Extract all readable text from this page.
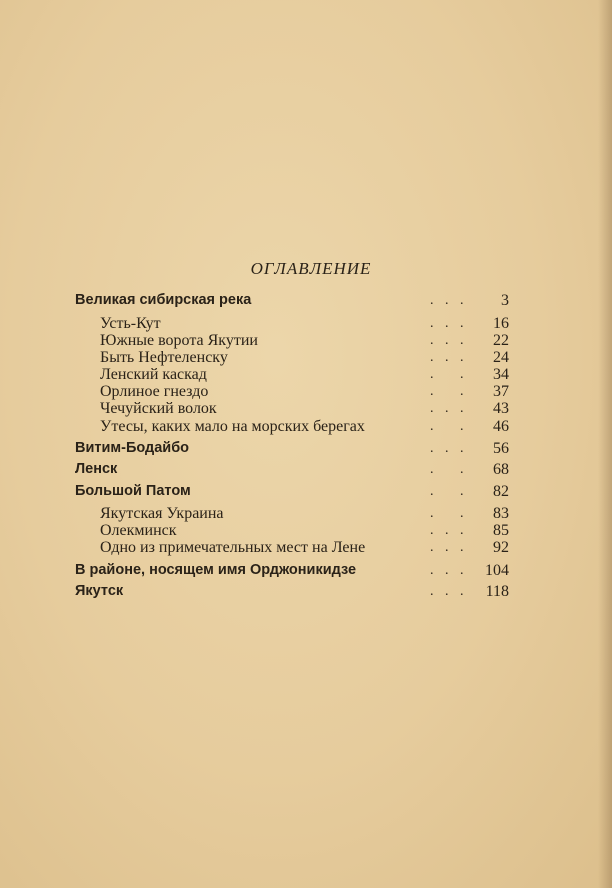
ОГЛАВЛЕНИЕ
Великая сибирская река	. . .	3
Усть-Кут	. . .	16
Южные ворота Якутии	. . .	22
Быть Нефтеленску	. . .	24
Ленский каскад	.   .	34
Орлиное гнездо	.   .	37
Чечуйский волок	. . .	43
Утесы, каких мало на морских берегах	.   .	46
Витим-Бодайбо	. . .	56
Ленск	.   .	68
Большой Патом	.   .	82
Якутская Украина	.   .	83
Олекминск	. . .	85
Одно из примечательных мест на Лене	. . .	92
В районе, носящем имя Орджоникидзе	. . .	104
Якутск	. . .	118
